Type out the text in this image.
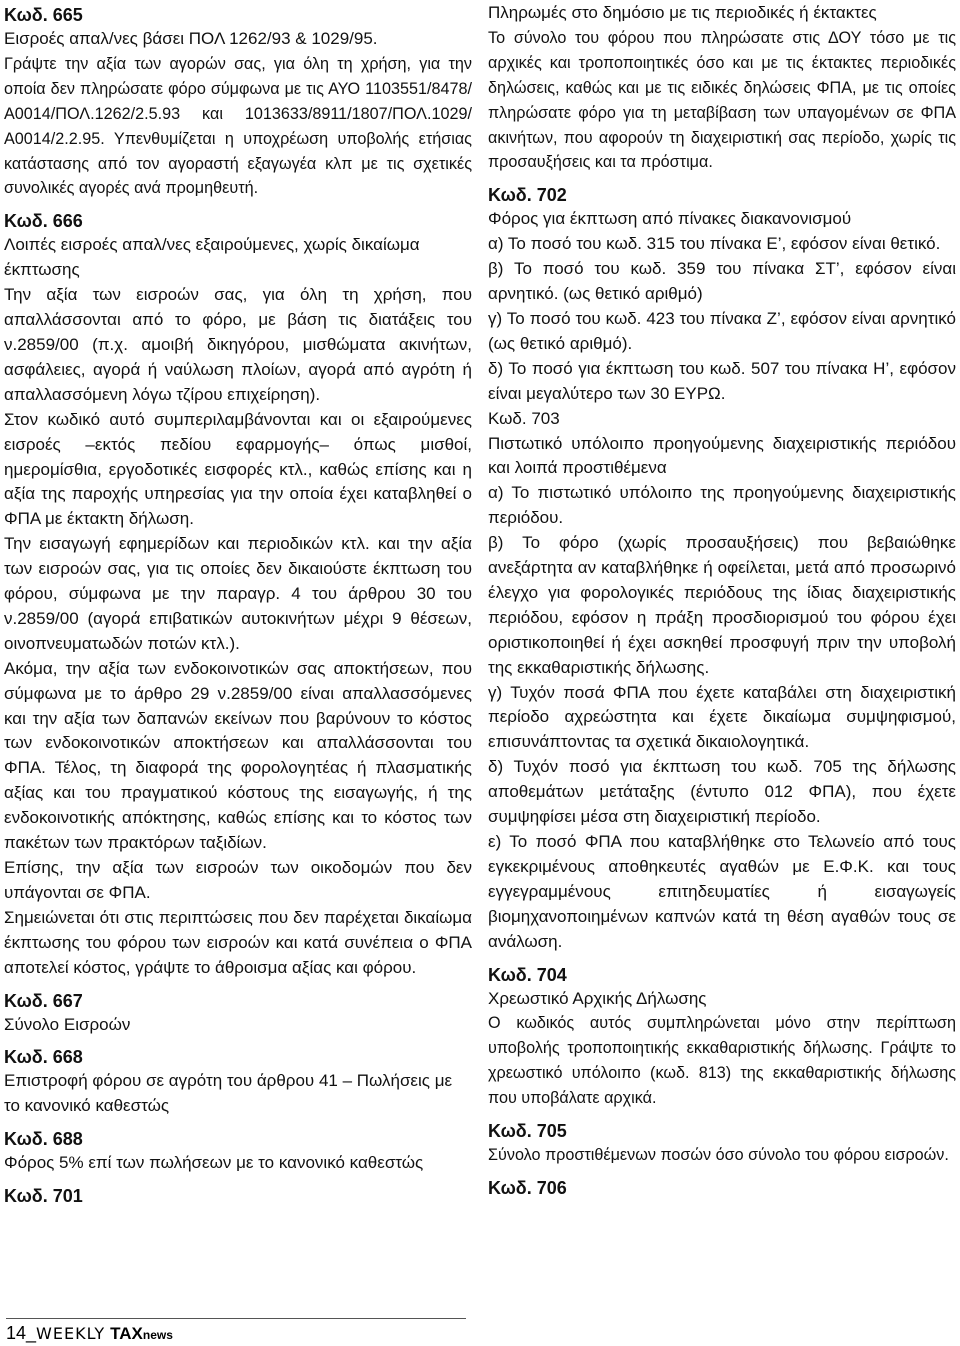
Κωδ. 665

Εισροές απαλ/νες βάσει ΠΟΛ 1262/93 & 1029/95.

Γράψτε την αξία των αγορών σας, για όλη τη χρήση, για την οποία δεν πληρώσατε φόρο σύμφωνα με τις ΑΥΟ 1103551/8478/Α0014/ΠΟΛ.1262/2.5.93 και 1013633/8911/1807/ΠΟΛ.1029/Α0014/2.2.95. Υπενθυμίζεται η υποχρέωση υποβολής ετήσιας κατάστασης από τον αγοραστή εξαγωγέα κλπ με τις σχετικές συνολικές αγορές ανά προμηθευτή.

Κωδ. 666

Λοιπές εισροές απαλ/νες εξαιρούμενες, χωρίς δικαίωμα έκπτωσης

Την αξία των εισροών σας, για όλη τη χρήση, που απαλλάσσονται από το φόρο, με βάση τις διατάξεις του ν.2859/00 (π.χ. αμοιβή δικηγόρου, μισθώματα ακινήτων, ασφάλειες, αγορά ή ναύλωση πλοίων, αγορά από αγρότη ή απαλλασσόμενη λόγω τζίρου επιχείρηση).

Στον κωδικό αυτό συμπεριλαμβάνονται και οι εξαιρούμενες εισροές –εκτός πεδίου εφαρμογής– όπως μισθοί, ημερομίσθια, εργοδοτικές εισφορές κτλ., καθώς επίσης και η αξία της παροχής υπηρεσίας για την οποία έχει καταβληθεί ο ΦΠΑ με έκτακτη δήλωση.

Την εισαγωγή εφημερίδων και περιοδικών κτλ. και την αξία των εισροών σας, για τις οποίες δεν δικαιούστε έκπτωση του φόρου, σύμφωνα με την παραγρ. 4 του άρθρου 30 του ν.2859/00 (αγορά επιβατικών αυτοκινήτων μέχρι 9 θέσεων, οινοπνευματωδών ποτών κτλ.).

Ακόμα, την αξία των ενδοκοινοτικών σας αποκτήσεων, που σύμφωνα με το άρθρο 29 ν.2859/00 είναι απαλλασσόμενες και την αξία των δαπανών εκείνων που βαρύνουν το κόστος των ενδοκοινοτικών αποκτήσεων και απαλλάσσονται του ΦΠΑ. Τέλος, τη διαφορά της φορολογητέας ή πλασματικής αξίας και του πραγματικού κόστους της εισαγωγής, ή της ενδοκοινοτικής απόκτησης, καθώς επίσης και το κόστος των πακέτων των πρακτόρων ταξιδίων.

Επίσης, την αξία των εισροών των οικοδομών που δεν υπάγονται σε ΦΠΑ.

Σημειώνεται ότι στις περιπτώσεις που δεν παρέχεται δικαίωμα έκπτωσης του φόρου των εισροών και κατά συνέπεια ο ΦΠΑ αποτελεί κόστος, γράψτε το άθροισμα αξίας και φόρου.

Κωδ. 667

Σύνολο Εισροών

Κωδ. 668

Επιστροφή φόρου σε αγρότη του άρθρου 41 – Πωλήσεις με το κανονικό καθεστώς

Κωδ. 688

Φόρος 5% επί των πωλήσεων με το κανονικό καθεστώς

Κωδ. 701

Πληρωμές στο δημόσιο με τις περιοδικές ή έκτακτες

Το σύνολο του φόρου που πληρώσατε στις ΔΟΥ τόσο με τις αρχικές και τροποποιητικές όσο και με τις έκτακτες περιοδικές δηλώσεις, καθώς και με τις ειδικές δηλώσεις ΦΠΑ, με τις οποίες πληρώσατε φόρο για τη μεταβίβαση των υπαγομένων σε ΦΠΑ ακινήτων, που αφορούν τη διαχειριστική σας περίοδο, χωρίς τις προσαυξήσεις και τα πρόστιμα.

Κωδ. 702

Φόρος για έκπτωση από πίνακες διακανονισμού

α) Το ποσό του κωδ. 315 του πίνακα Ε’, εφόσον είναι θετικό.

β) Το ποσό του κωδ. 359 του πίνακα ΣΤ’, εφόσον είναι αρνητικό. (ως θετικό αριθμό)

γ) Το ποσό του κωδ. 423 του πίνακα Ζ’, εφόσον είναι αρνητικό (ως θετικό αριθμό).

δ) Το ποσό για έκπτωση του κωδ. 507 του πίνακα Η’, εφόσον είναι μεγαλύτερο των 30 ΕΥΡΩ.

Κωδ. 703

Πιστωτικό υπόλοιπο προηγούμενης διαχειριστικής περιόδου και λοιπά προστιθέμενα

α) Το πιστωτικό υπόλοιπο της προηγούμενης διαχειριστικής περιόδου.

β) Το φόρο (χωρίς προσαυξήσεις) που βεβαιώθηκε ανεξάρτητα αν καταβλήθηκε ή οφείλεται, μετά από προσωρινό έλεγχο για φορολογικές περιόδους της ίδιας διαχειριστικής περιόδου, εφόσον η πράξη προσδιορισμού του φόρου έχει οριστικοποιηθεί ή έχει ασκηθεί προσφυγή πριν την υποβολή της εκκαθαριστικής δήλωσης.

γ) Τυχόν ποσά ΦΠΑ που έχετε καταβάλει στη διαχειριστική περίοδο αχρεώστητα και έχετε δικαίωμα συμψηφισμού, επισυνάπτοντας τα σχετικά δικαιολογητικά.

δ) Τυχόν ποσό για έκπτωση του κωδ. 705 της δήλωσης αποθεμάτων μετάταξης (έντυπο 012 ΦΠΑ), που έχετε συμψηφίσει μέσα στη διαχειριστική περίοδο.

ε) Το ποσό ΦΠΑ που καταβλήθηκε στο Τελωνείο από τους εγκεκριμένους αποθηκευτές αγαθών με Ε.Φ.Κ. και τους εγγεγραμμένους επιτηδευματίες ή εισαγωγείς βιομηχανοποιημένων καπνών κατά τη θέση αγαθών τους σε ανάλωση.

Κωδ. 704

Χρεωστικό Αρχικής Δήλωσης

Ο κωδικός αυτός συμπληρώνεται μόνο στην περίπτωση υποβολής τροποποιητικής εκκαθαριστικής δήλωσης. Γράψτε το χρεωστικό υπόλοιπο (κωδ. 813) της εκκαθαριστικής δήλωσης που υποβάλατε αρχικά.

Κωδ. 705

Σύνολο προστιθέμενων ποσών όσο σύνολο του φόρου εισροών.

Κωδ. 706

14_WEEKLY TAXnews
